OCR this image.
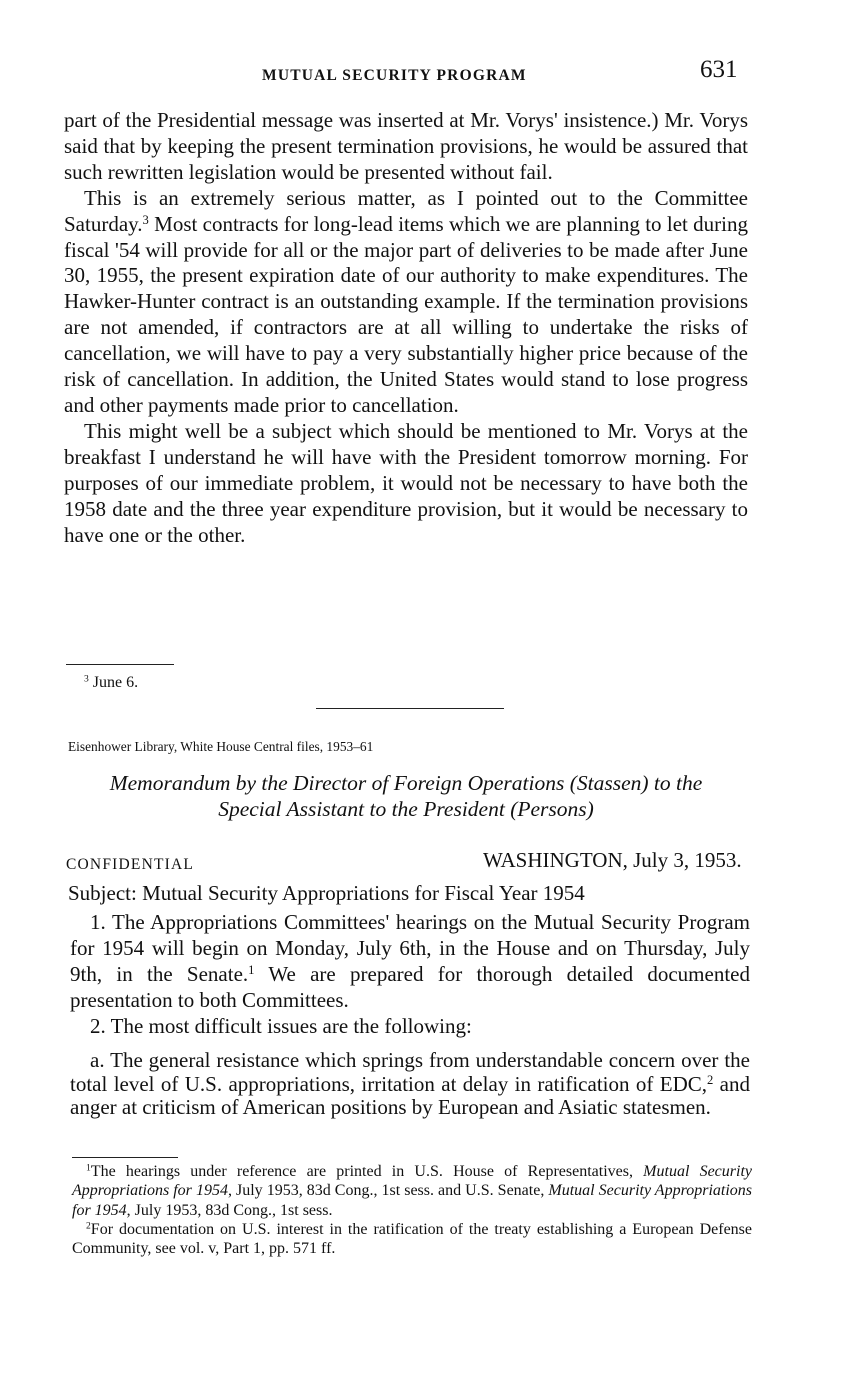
MUTUAL SECURITY PROGRAM	631

part of the Presidential message was inserted at Mr. Vorys' insistence.) Mr. Vorys said that by keeping the present termination provisions, he would be assured that such rewritten legislation would be presented without fail.

This is an extremely serious matter, as I pointed out to the Committee Saturday.$^3$ Most contracts for long-lead items which we are planning to let during fiscal '54 will provide for all or the major part of deliveries to be made after June 30, 1955, the present expiration date of our authority to make expenditures. The Hawker-Hunter contract is an outstanding example. If the termination provisions are not amended, if contractors are at all willing to undertake the risks of cancellation, we will have to pay a very substantially higher price because of the risk of cancellation. In addition, the United States would stand to lose progress and other payments made prior to cancellation.

This might well be a subject which should be mentioned to Mr. Vorys at the breakfast I understand he will have with the President tomorrow morning. For purposes of our immediate problem, it would not be necessary to have both the 1958 date and the three year expenditure provision, but it would be necessary to have one or the other.

$^3$ June 6.
Eisenhower Library, White House Central files, 1953–61
Memorandum by the Director of Foreign Operations (Stassen) to the
Special Assistant to the President (Persons)
CONFIDENTIAL	WASHINGTON, July 3, 1953.
Subject: Mutual Security Appropriations for Fiscal Year 1954

1. The Appropriations Committees' hearings on the Mutual Security Program for 1954 will begin on Monday, July 6th, in the House and on Thursday, July 9th, in the Senate.$^1$ We are prepared for thorough detailed documented presentation to both Committees.

2. The most difficult issues are the following:

a. The general resistance which springs from understandable concern over the total level of U.S. appropriations, irritation at delay in ratification of EDC,$^2$ and anger at criticism of American positions by European and Asiatic statesmen.

$^1$The hearings under reference are printed in U.S. House of Representatives, Mutual Security Appropriations for 1954, July 1953, 83d Cong., 1st sess. and U.S. Senate, Mutual Security Appropriations for 1954, July 1953, 83d Cong., 1st sess.

$^2$For documentation on U.S. interest in the ratification of the treaty establishing a European Defense Community, see vol. v, Part 1, pp. 571 ff.
